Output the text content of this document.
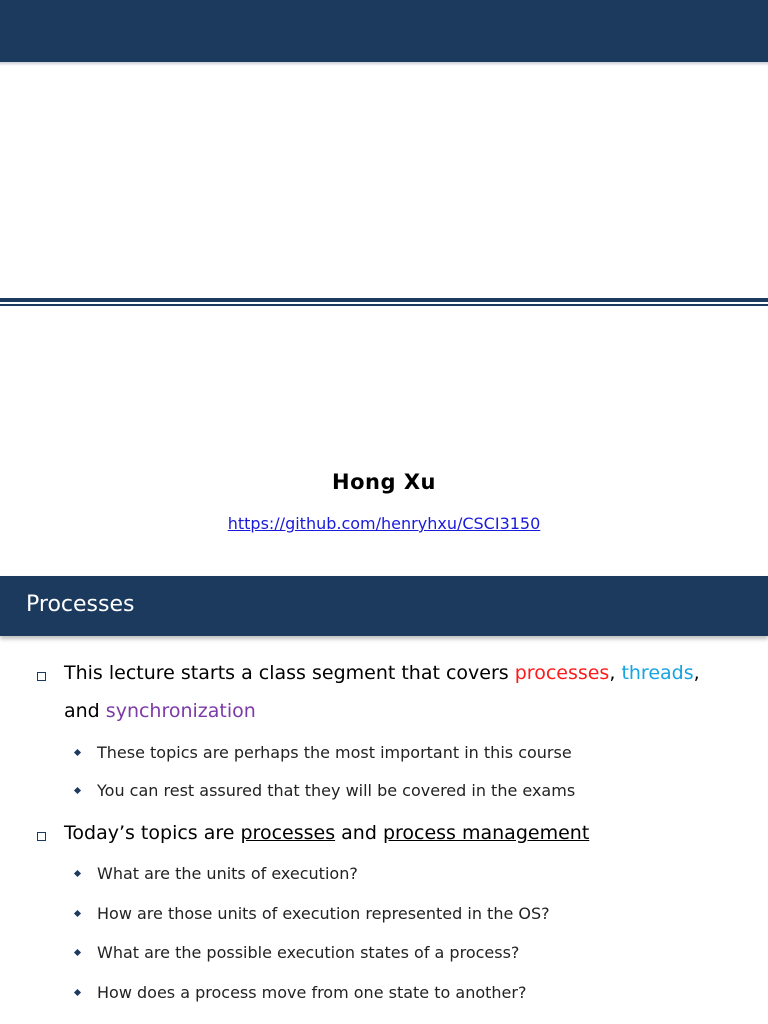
Hong Xu
https://github.com/henryhxu/CSCI3150
Processes
This lecture starts a class segment that covers processes, threads,
and synchronization
These topics are perhaps the most important in this course
You can rest assured that they will be covered in the exams
Today’s topics are processes and process management
What are the units of execution?
How are those units of execution represented in the OS?
What are the possible execution states of a process?
How does a process move from one state to another?
